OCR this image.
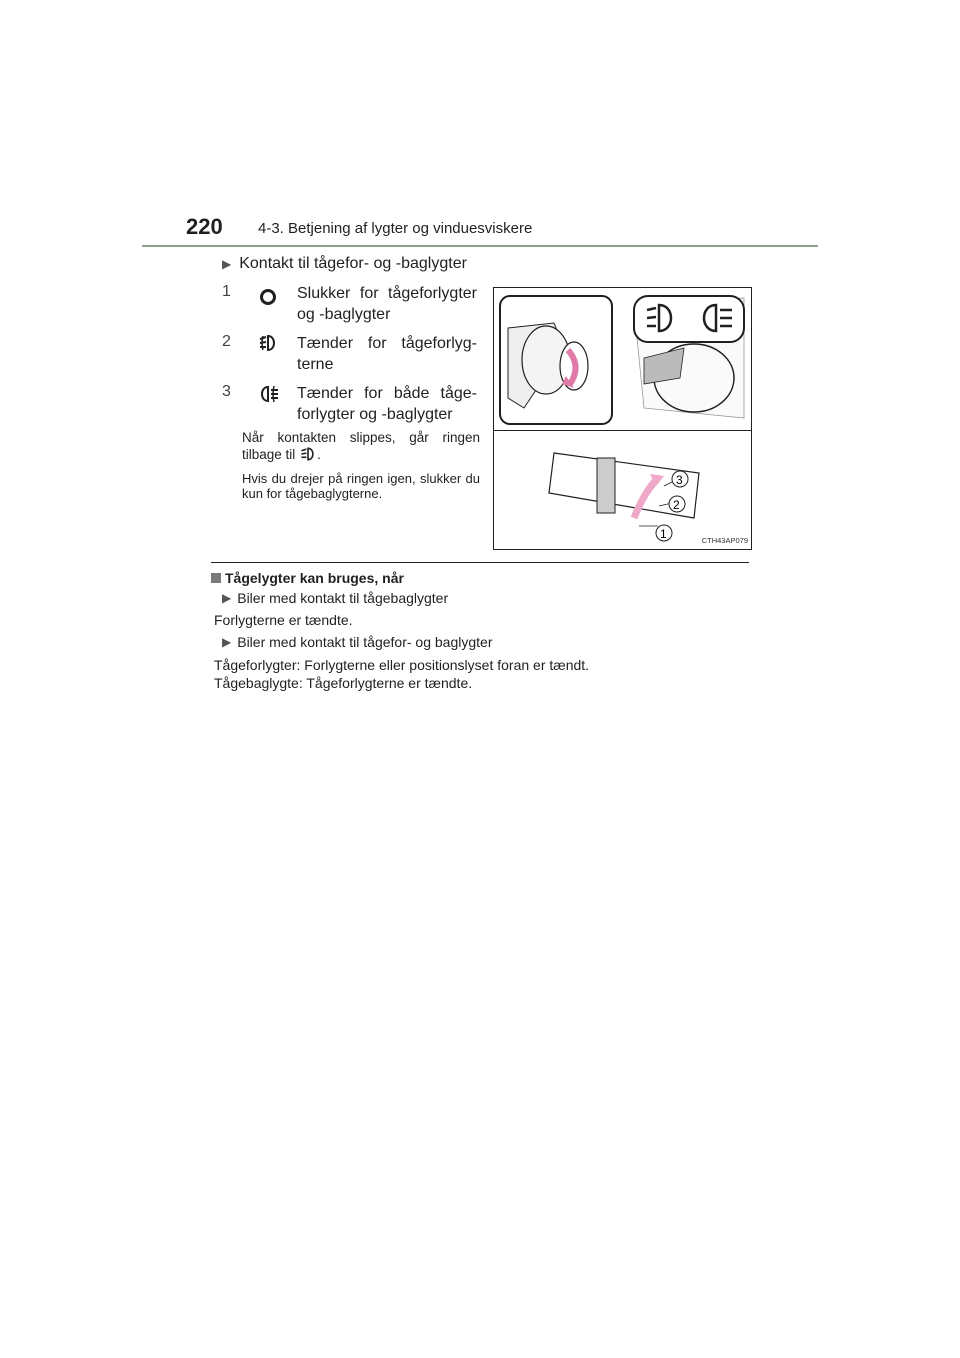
220 4-3. Betjening af lygter og vinduesviskere
▶ Kontakt til tågefor- og -baglygter
1	Slukker for tågeforlygter og -baglygter
2	Tænder for tågeforlyg-terne
3	Tænder for både tåge-forlygter og -baglygter
Når kontakten slippes, går ringen tilbage til .
Hvis du drejer på ringen igen, slukker du kun for tågebaglygterne.
1
2
3
CTH43AP079
Tågelygter kan bruges, når
▶ Biler med kontakt til tågebaglygter
Forlygterne er tændte.
▶ Biler med kontakt til tågefor- og baglygter
Tågeforlygter: Forlygterne eller positionslyset foran er tændt.
Tågebaglygte: Tågeforlygterne er tændte.
